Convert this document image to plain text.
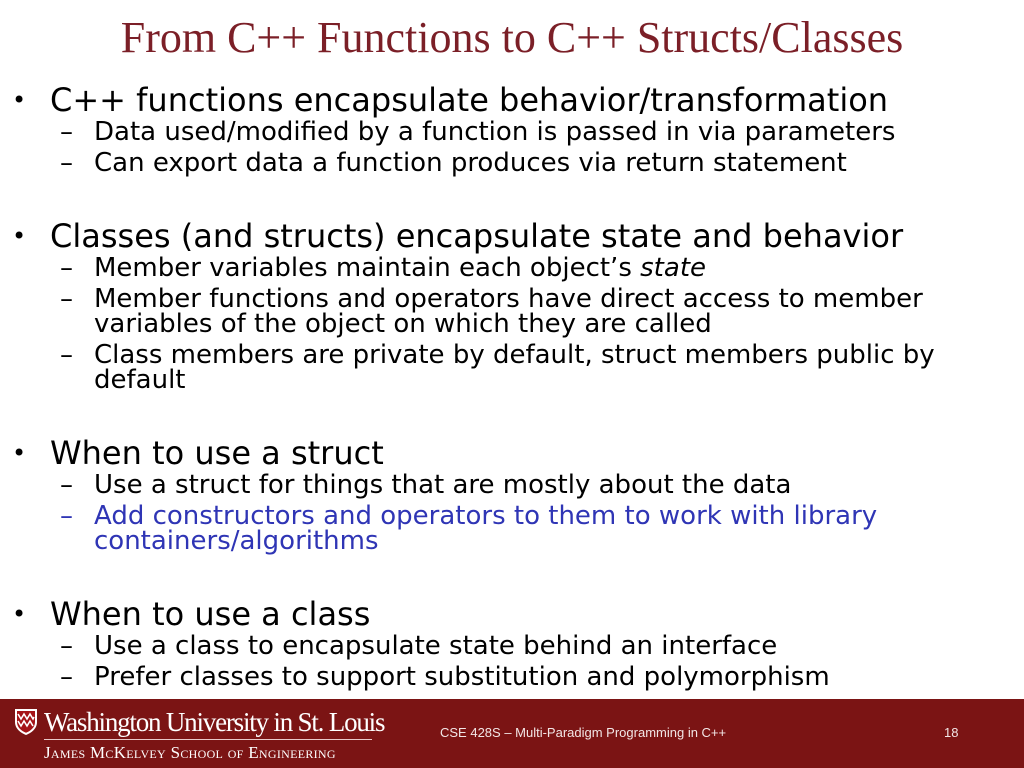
From C++ Functions to C++ Structs/Classes

• C++ functions encapsulate behavior/transformation

– Data used/modified by a function is passed in via parameters
– Can export data a function produces via return statement

• Classes (and structs) encapsulate state and behavior

– Member variables maintain each object’s state
– Member functions and operators have direct access to member variables of the object on which they are called
– Class members are private by default, struct members public by default

• When to use a struct

– Use a struct for things that are mostly about the data
– Add constructors and operators to them to work with library containers/algorithms

• When to use a class

– Use a class to encapsulate state behind an interface
– Prefer classes to support substitution and polymorphism
Washington University in St. Louis
James McKelvey School of Engineering
CSE 428S – Multi-Paradigm Programming in C++	18
